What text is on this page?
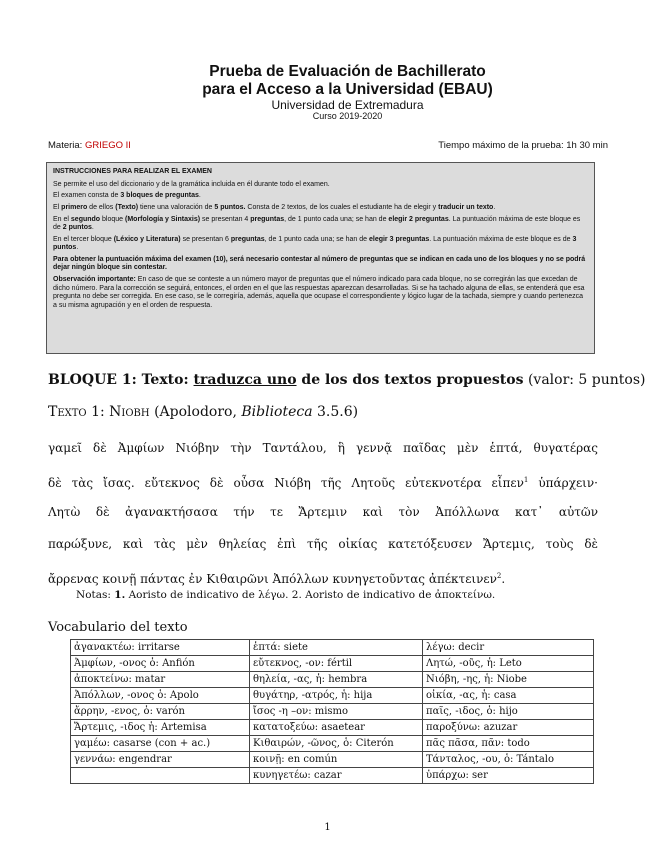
Prueba de Evaluación de Bachillerato
para el Acceso a la Universidad (EBAU)
Universidad de Extremadura
Curso 2019-2020
Materia: GRIEGO II	Tiempo máximo de la prueba: 1h 30 min

INSTRUCCIONES PARA REALIZAR EL EXAMEN

Se permite el uso del diccionario y de la gramática incluida en él durante todo el examen.

El examen consta de 3 bloques de preguntas.

El primero de ellos (Texto) tiene una valoración de 5 puntos. Consta de 2 textos, de los cuales el estudiante ha de elegir y traducir un texto.

En el segundo bloque (Morfología y Sintaxis) se presentan 4 preguntas, de 1 punto cada una; se han de elegir 2 preguntas. La puntuación máxima de este bloque es de 2 puntos.

En el tercer bloque (Léxico y Literatura) se presentan 6 preguntas, de 1 punto cada una; se han de elegir 3 preguntas. La puntuación máxima de este bloque es de 3 puntos.

Para obtener la puntuación máxima del examen (10), será necesario contestar al número de preguntas que se indican en cada uno de los bloques y no se podrá dejar ningún bloque sin contestar.

Observación importante: En caso de que se conteste a un número mayor de preguntas que el número indicado para cada bloque, no se corregirán las que excedan de dicho número. Para la corrección se seguirá, entonces, el orden en el que las respuestas aparezcan desarrolladas. Si se ha tachado alguna de ellas, se entenderá que esa pregunta no debe ser corregida. En ese caso, se le corregiría, además, aquella que ocupase el correspondiente y lógico lugar de la tachada, siempre y cuando pertenezca a su misma agrupación y en el orden de respuesta.

BLOQUE 1: Texto: traduzca uno de los dos textos propuestos (valor: 5 puntos)
Texto 1: Νιοβη (Apolodoro, Biblioteca 3.5.6)
γαμεῖ δὲ Ἀμφίων Νιόβην τὴν Ταντάλου, ἣ γεννᾷ παῖδας μὲν ἑπτά, θυγατέρας
δὲ τὰς ἴσας. εὔτεκνος δὲ οὖσα Νιόβη τῆς Λητοῦς εὐτεκνοτέρα εἶπεν$^1$ ὑπάρχειν·
Λητὼ δὲ ἀγανακτήσασα τήν τε Ἄρτεμιν καὶ τὸν Ἀπόλλωνα κατ᾽ αὐτῶν
παρώξυνε, καὶ τὰς μὲν θηλείας ἐπὶ τῆς οἰκίας κατετόξευσεν Ἄρτεμις, τοὺς δὲ
ἄρρενας κοινῇ πάντας ἐν Κιθαιρῶνι Ἀπόλλων κυνηγετοῦντας ἀπέκτεινεν$^2$.
Notas: 1. Aoristo de indicativo de λέγω. 2. Aoristo de indicativo de ἀποκτείνω.
Vocabulario del texto
ἀγανακτέω: irritarse	ἑπτά: siete	λέγω: decir
Ἀμφίων, -ονος ὁ: Anfión	εὔτεκνος, -ον: fértil	Λητώ, -οῦς, ἡ: Leto
ἀποκτείνω: matar	θηλεία, -ας, ἡ: hembra	Νιόβη, -ης, ἡ: Niobe
Ἀπόλλων, -ονος ὁ: Apolo	θυγάτηρ, -ατρός, ἡ: hija	οἰκία, -ας, ἡ: casa
ἄρρην, -ενος, ὁ: varón	ἴσος -η –ον: mismo	παῖς, -ιδος, ὁ: hijo
Ἄρτεμις, -ιδος ἡ: Artemisa	κατατοξεύω: asaetear	παροξύνω: azuzar
γαμέω: casarse (con + ac.)	Κιθαιρών, -ῶνος, ὁ: Citerón	πᾶς πᾶσα, πᾶν: todo
γεννάω: engendrar	κοινῇ: en común	Τάνταλος, -ου, ὁ: Tántalo
	κυνηγετέω: cazar	ὑπάρχω: ser
1
